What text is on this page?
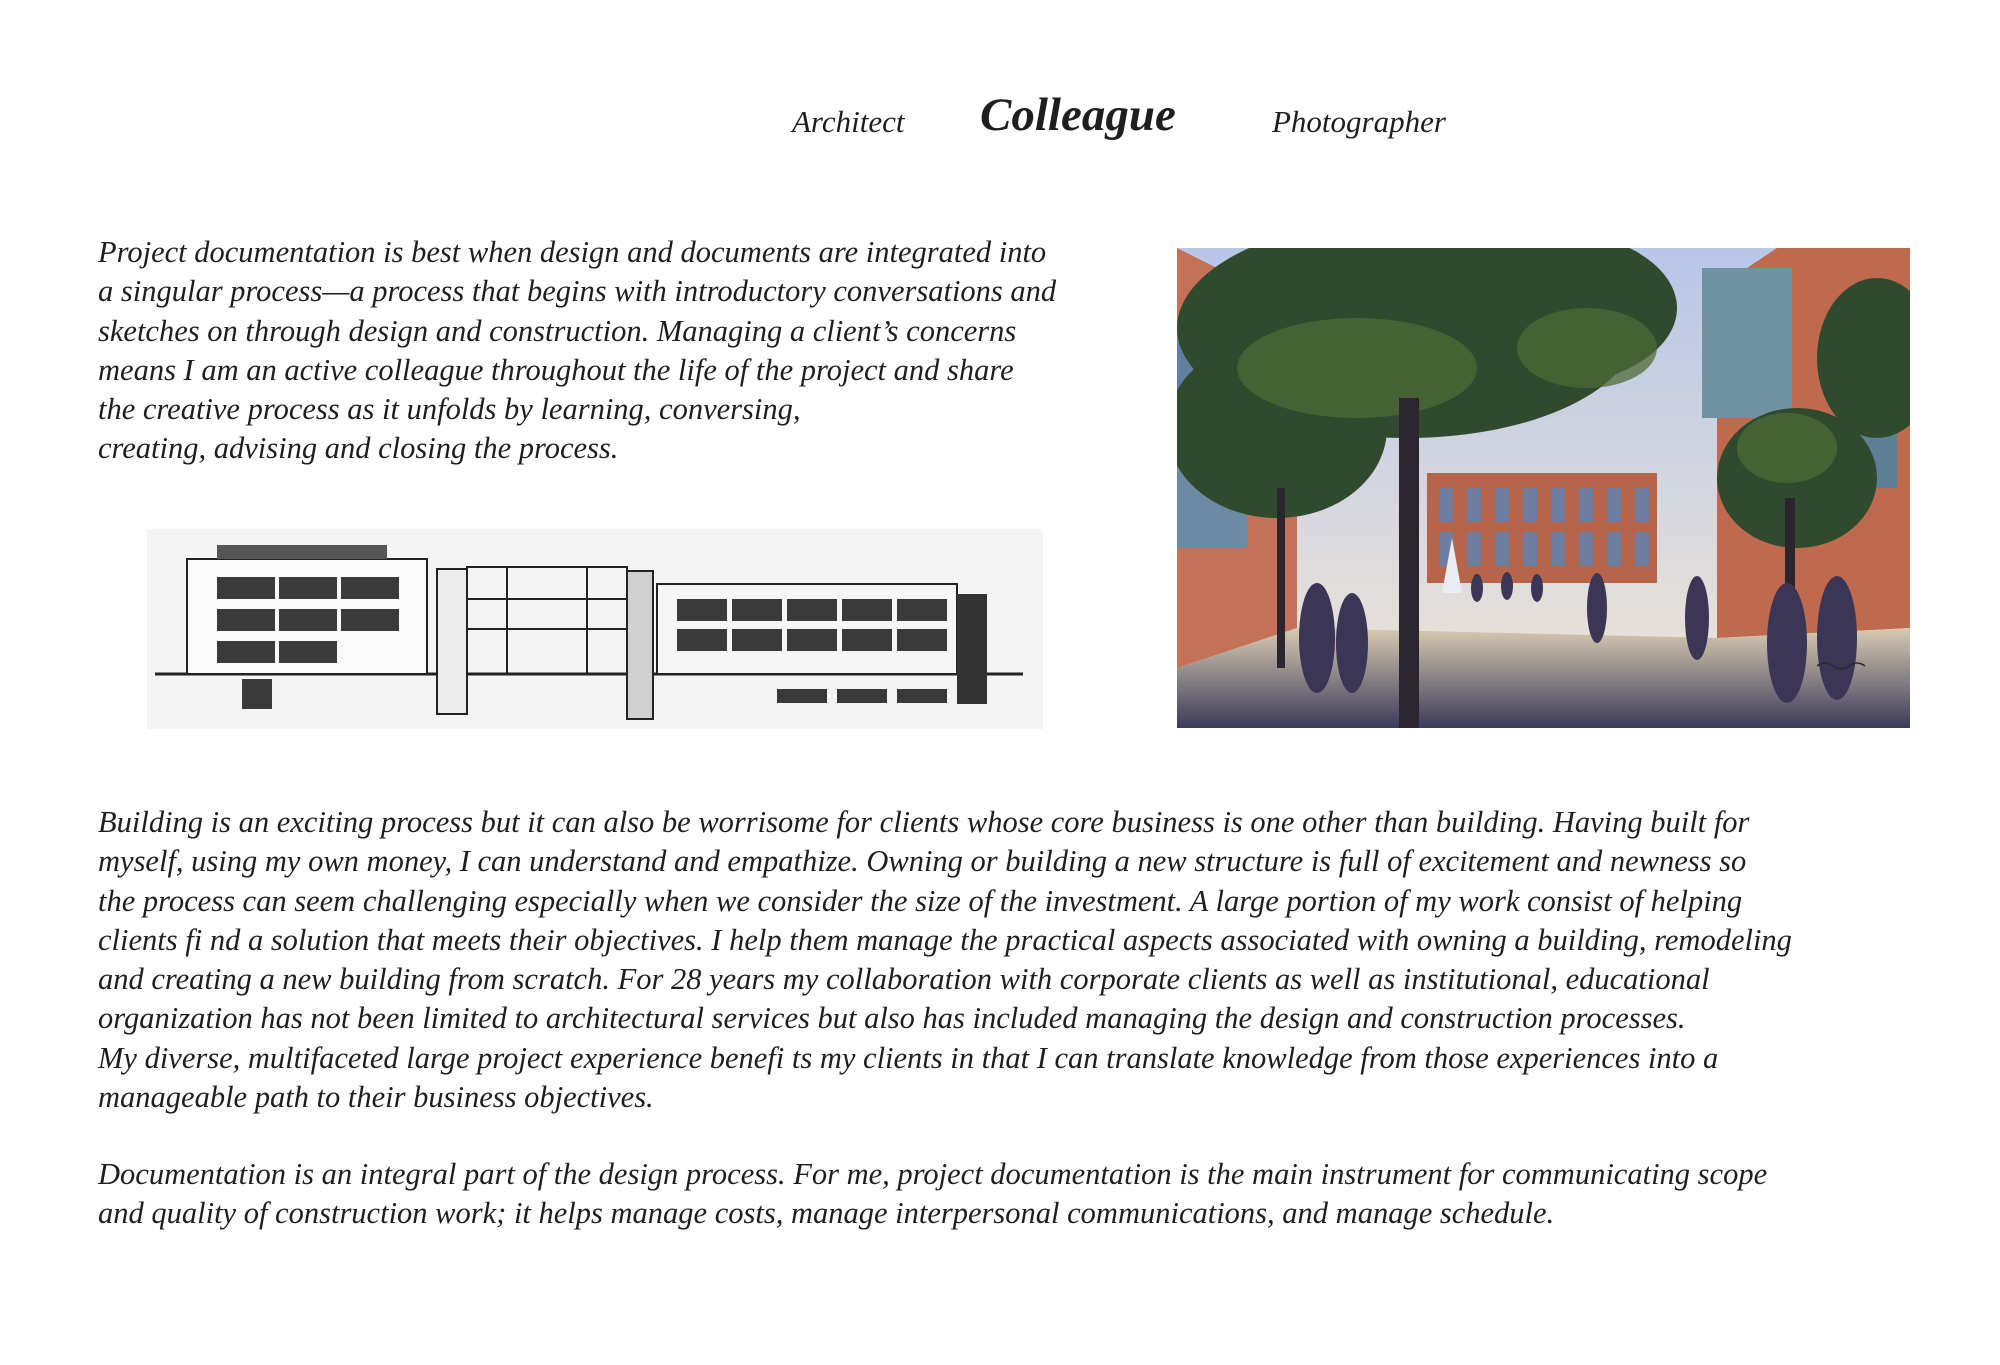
Architect Colleague	Photographer

Project documentation is best when design and documents are integrated into
a singular process—a process that begins with introductory conversations and
sketches on through design and construction. Managing a client’s concerns
means I am an active colleague throughout the life of the project and share
the creative process as it unfolds by learning, conversing,
creating, advising and closing the process.

Building is an exciting process but it can also be worrisome for clients whose core business is one other than building. Having built for
myself, using my own money, I can understand and empathize. Owning or building a new structure is full of excitement and newness so
the process can seem challenging especially when we consider the size of the investment. A large portion of my work consist of helping
clients fi nd a solution that meets their objectives. I help them manage the practical aspects associated with owning a building, remodeling
and creating a new building from scratch. For 28 years my collaboration with corporate clients as well as institutional, educational
organization has not been limited to architectural services but also has included managing the design and construction processes.
My diverse, multifaceted large project experience benefi ts my clients in that I can translate knowledge from those experiences into a
manageable path to their business objectives.

Documentation is an integral part of the design process. For me, project documentation is the main instrument for communicating scope
and quality of construction work; it helps manage costs, manage interpersonal communications, and manage schedule.
